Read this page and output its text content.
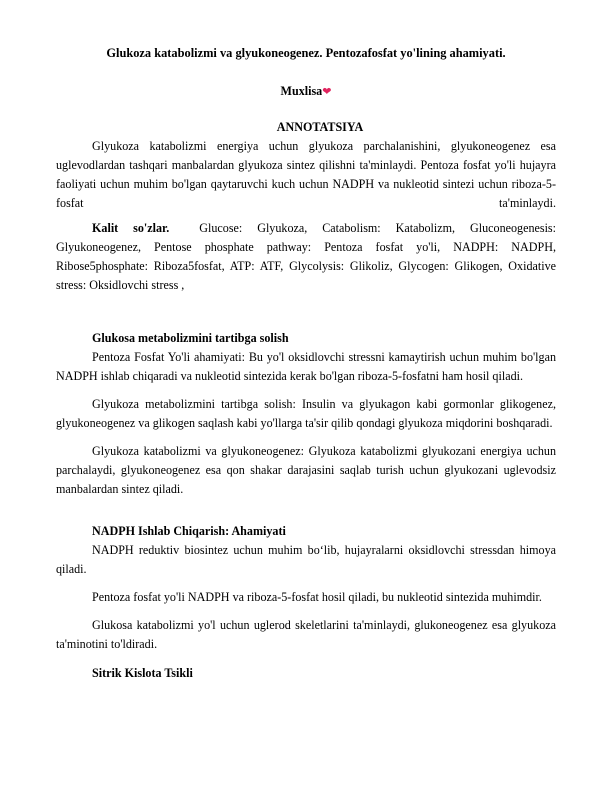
Glukoza katabolizmi va glyukoneogenez. Pentozafosfat yo'lining ahamiyati.
Muxlisa❤
ANNOTATSIYA

Glyukoza katabolizmi energiya uchun glyukoza parchalanishini, glyukoneogenez esa uglevodlardan tashqari manbalardan glyukoza sintez qilishni ta'minlaydi. Pentoza fosfat yo'li hujayra faoliyati uchun muhim bo'lgan qaytaruvchi kuch uchun NADPH va nukleotid sintezi uchun riboza-5-fosfat ta'minlaydi.

Kalit so'zlar. Glucose: Glyukoza, Catabolism: Katabolizm, Gluconeogenesis: Glyukoneogenez, Pentose phosphate pathway: Pentoza fosfat yo'li, NADPH: NADPH, Ribose5phosphate: Riboza5fosfat, ATP: ATF, Glycolysis: Glikoliz, Glycogen: Glikogen, Oxidative stress: Oksidlovchi stress ,

Glukosa metabolizmini tartibga solish

Pentoza Fosfat Yo'li ahamiyati: Bu yo'l oksidlovchi stressni kamaytirish uchun muhim bo'lgan NADPH ishlab chiqaradi va nukleotid sintezida kerak bo'lgan riboza-5-fosfatni ham hosil qiladi.

Glyukoza metabolizmini tartibga solish: Insulin va glyukagon kabi gormonlar glikogenez, glyukoneogenez va glikogen saqlash kabi yo'llarga ta'sir qilib qondagi glyukoza miqdorini boshqaradi.

Glyukoza katabolizmi va glyukoneogenez: Glyukoza katabolizmi glyukozani energiya uchun parchalaydi, glyukoneogenez esa qon shakar darajasini saqlab turish uchun glyukozani uglevodsiz manbalardan sintez qiladi.

NADPH Ishlab Chiqarish: Ahamiyati

NADPH reduktiv biosintez uchun muhim bo‘lib, hujayralarni oksidlovchi stressdan himoya qiladi.

Pentoza fosfat yo'li NADPH va riboza-5-fosfat hosil qiladi, bu nukleotid sintezida muhimdir.

Glukosa katabolizmi yo'l uchun uglerod skeletlarini ta'minlaydi, glukoneogenez esa glyukoza ta'minotini to'ldiradi.

Sitrik Kislota Tsikli
